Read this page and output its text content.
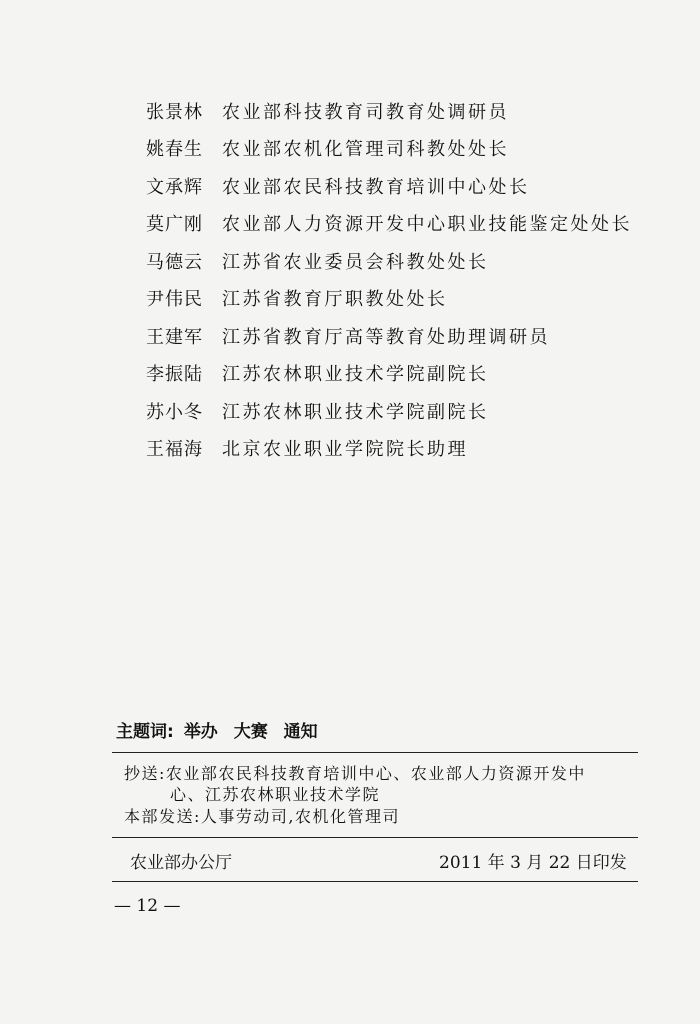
张景林	农业部科技教育司教育处调研员
姚春生	农业部农机化管理司科教处处长
文承辉	农业部农民科技教育培训中心处长
莫广刚	农业部人力资源开发中心职业技能鉴定处处长
马德云	江苏省农业委员会科教处处长
尹伟民	江苏省教育厅职教处处长
王建军	江苏省教育厅高等教育处助理调研员
李振陆	江苏农林职业技术学院副院长
苏小冬	江苏农林职业技术学院副院长
王福海	北京农业职业学院院长助理
主题词: 举办 大赛 通知
抄送:农业部农民科技教育培训中心、农业部人力资源开发中
心、江苏农林职业技术学院
本部发送:人事劳动司,农机化管理司
农业部办公厅	2011 年 3 月 22 日印发
— 12 —
